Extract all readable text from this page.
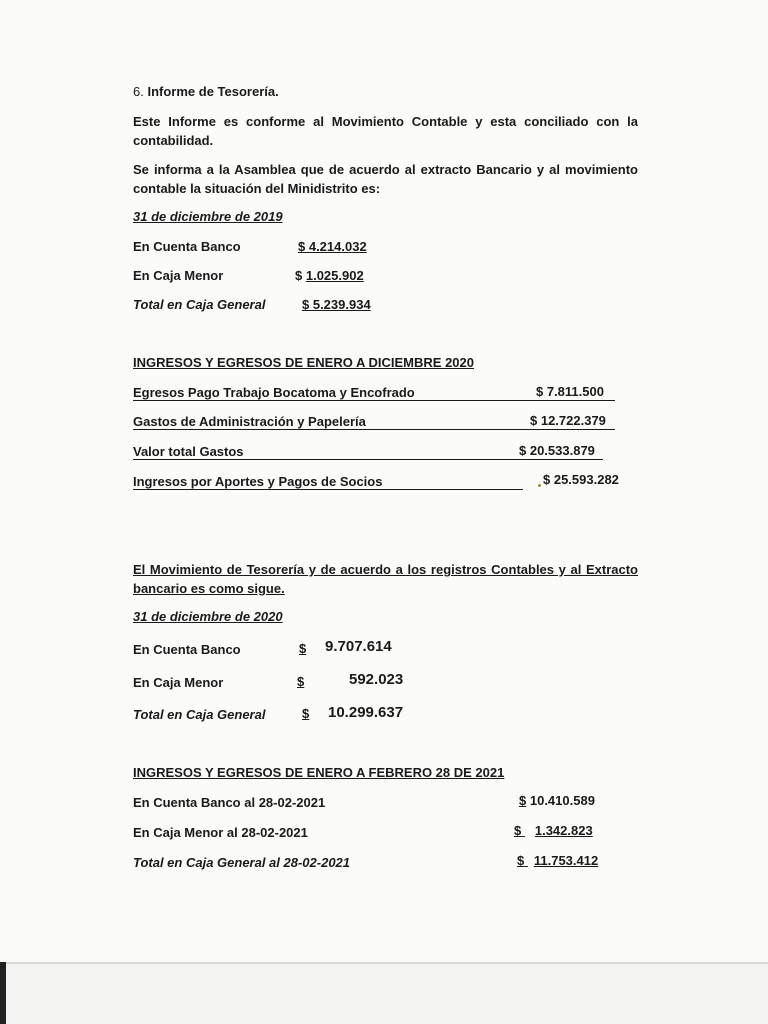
6. Informe de Tesorería.
Este Informe es conforme al Movimiento Contable y esta conciliado con la contabilidad.
Se informa a la Asamblea que de acuerdo al extracto Bancario y al movimiento contable la situación del Minidistrito es:
31 de diciembre de 2019
En Cuenta Banco	$ 4.214.032
En Caja Menor	$ 1.025.902
Total en Caja General	$ 5.239.934
INGRESOS Y EGRESOS DE ENERO A DICIEMBRE 2020
Egresos Pago Trabajo Bocatoma y Encofrado	$ 7.811.500
Gastos de Administración y Papelería	$ 12.722.379
Valor total Gastos	$ 20.533.879
Ingresos por Aportes y Pagos de Socios	$ 25.593.282
El Movimiento de Tesorería y de acuerdo a los registros Contables y al Extracto bancario es como sigue.
31 de diciembre de 2020
En Cuenta Banco	$ 9.707.614
En Caja Menor	$	592.023
Total en Caja General	$ 10.299.637
INGRESOS Y EGRESOS DE ENERO A FEBRERO 28 DE 2021
En Cuenta Banco al 28-02-2021	$ 10.410.589
En Caja Menor al 28-02-2021	$ 1.342.823
Total en Caja General al 28-02-2021	$ 11.753.412
